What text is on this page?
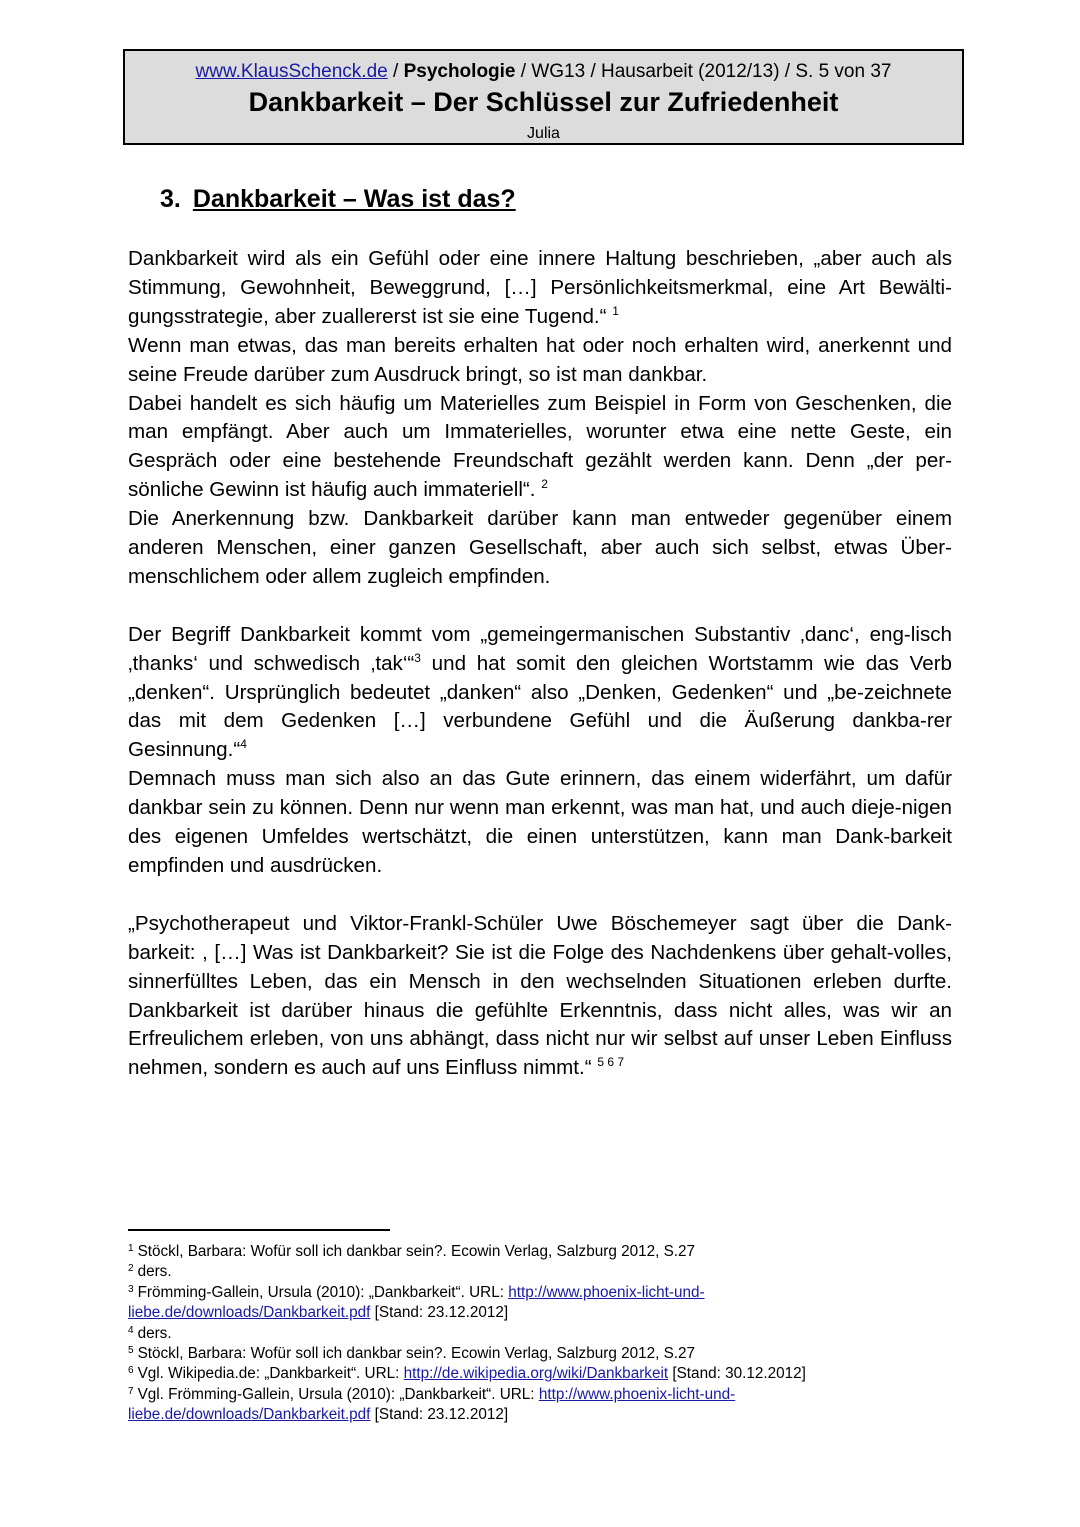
www.KlausSchenck.de / Psychologie / WG13 / Hausarbeit (2012/13) / S. 5 von 37
Dankbarkeit – Der Schlüssel zur Zufriedenheit
Julia
3. Dankbarkeit – Was ist das?

Dankbarkeit wird als ein Gefühl oder eine innere Haltung beschrieben, „aber auch als Stimmung, Gewohnheit, Beweggrund, […] Persönlichkeitsmerkmal, eine Art Bewälti-gungsstrategie, aber zuallererst ist sie eine Tugend.“ $^1$

Wenn man etwas, das man bereits erhalten hat oder noch erhalten wird, anerkennt und seine Freude darüber zum Ausdruck bringt, so ist man dankbar.

Dabei handelt es sich häufig um Materielles zum Beispiel in Form von Geschenken, die man empfängt. Aber auch um Immaterielles, worunter etwa eine nette Geste, ein Gespräch oder eine bestehende Freundschaft gezählt werden kann. Denn „der per-sönliche Gewinn ist häufig auch immateriell“. $^2$

Die Anerkennung bzw. Dankbarkeit darüber kann man entweder gegenüber einem anderen Menschen, einer ganzen Gesellschaft, aber auch sich selbst, etwas Über-menschlichem oder allem zugleich empfinden.

Der Begriff Dankbarkeit kommt vom „gemeingermanischen Substantiv ‚danc‘, eng-lisch ‚thanks‘ und schwedisch ‚tak‘“$^3$ und hat somit den gleichen Wortstamm wie das Verb „denken“. Ursprünglich bedeutet „danken“ also „Denken, Gedenken“ und „be-zeichnete das mit dem Gedenken […] verbundene Gefühl und die Äußerung dankba-rer Gesinnung.“$^4$

Demnach muss man sich also an das Gute erinnern, das einem widerfährt, um dafür dankbar sein zu können. Denn nur wenn man erkennt, was man hat, und auch dieje-nigen des eigenen Umfeldes wertschätzt, die einen unterstützen, kann man Dank-barkeit empfinden und ausdrücken.

„Psychotherapeut und Viktor-Frankl-Schüler Uwe Böschemeyer sagt über die Dank-barkeit: , […] Was ist Dankbarkeit? Sie ist die Folge des Nachdenkens über gehalt-volles, sinnerfülltes Leben, das ein Mensch in den wechselnden Situationen erleben durfte. Dankbarkeit ist darüber hinaus die gefühlte Erkenntnis, dass nicht alles, was wir an Erfreulichem erleben, von uns abhängt, dass nicht nur wir selbst auf unser Leben Einfluss nehmen, sondern es auch auf uns Einfluss nimmt.“ $^{5 6 7}$

$^1$ Stöckl, Barbara: Wofür soll ich dankbar sein?. Ecowin Verlag, Salzburg 2012, S.27

$^2$ ders.

$^3$ Frömming-Gallein, Ursula (2010): „Dankbarkeit“. URL: http://www.phoenix-licht-und-

liebe.de/downloads/Dankbarkeit.pdf [Stand: 23.12.2012]

$^4$ ders.

$^5$ Stöckl, Barbara: Wofür soll ich dankbar sein?. Ecowin Verlag, Salzburg 2012, S.27

$^6$ Vgl. Wikipedia.de: „Dankbarkeit“. URL: http://de.wikipedia.org/wiki/Dankbarkeit [Stand: 30.12.2012]

$^7$ Vgl. Frömming-Gallein, Ursula (2010): „Dankbarkeit“. URL: http://www.phoenix-licht-und-

liebe.de/downloads/Dankbarkeit.pdf [Stand: 23.12.2012]
